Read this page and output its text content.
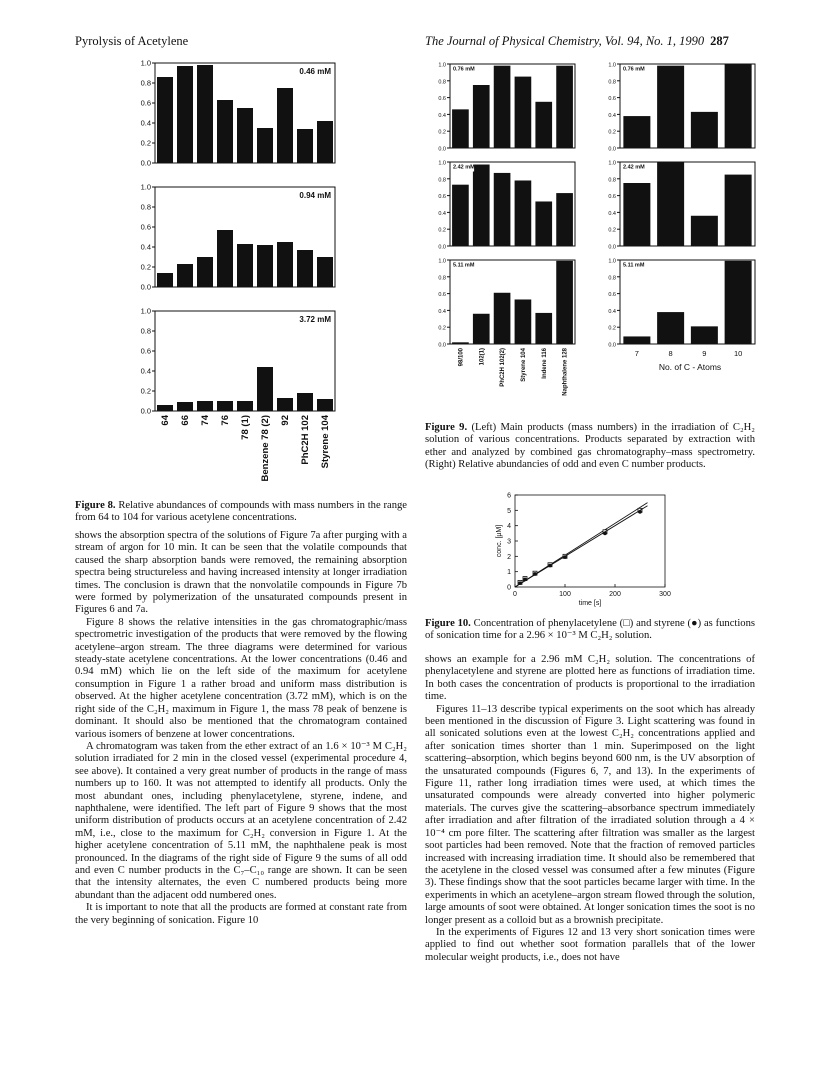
Pyrolysis of Acetylene	The Journal of Physical Chemistry, Vol. 94, No. 1, 1990 287
0.0
0.2
0.4
0.6
0.8
1.0
0.46 mM
0.0
0.2
0.4
0.6
0.8
1.0
0.94 mM
0.0
0.2
0.4
0.6
0.8
1.0
3.72 mM
64 66 74 76 78 (1) Benzene 78 (2) 92 PhC2H 102 Styrene 104
Figure 8. Relative abundances of compounds with mass numbers in the range from 64 to 104 for various acetylene concentrations.

shows the absorption spectra of the solutions of Figure 7a after purging with a stream of argon for 10 min. It can be seen that the volatile compounds that caused the sharp absorption bands were removed, the remaining absorption spectra being structureless and having increased intensity at longer irradiation times. The conclusion is drawn that the nonvolatile compounds in Figure 7b were formed by polymerization of the unsaturated compounds present in Figures 6 and 7a.

Figure 8 shows the relative intensities in the gas chromatographic/mass spectrometric investigation of the products that were removed by the flowing acetylene–argon stream. The three diagrams were determined for various steady-state acetylene concentrations. At the lower concentrations (0.46 and 0.94 mM) which lie on the left side of the maximum for acetylene consumption in Figure 1 a rather broad and uniform mass distribution is observed. At the higher acetylene concentration (3.72 mM), which is on the right side of the C₂H₂ maximum in Figure 1, the mass 78 peak of benzene is dominant. It should also be mentioned that the chromatogram contained various isomers of benzene at lower concentrations.

A chromatogram was taken from the ether extract of an 1.6 × 10⁻³ M C₂H₂ solution irradiated for 2 min in the closed vessel (experimental procedure 4, see above). It contained a very great number of products in the range of mass numbers up to 160. It was not attempted to identify all products. Only the most abundant ones, including phenylacetylene, styrene, indene, and naphthalene, were identified. The left part of Figure 9 shows that the most uniform distribution of products occurs at an acetylene concentration of 2.42 mM, i.e., close to the maximum for C₂H₂ conversion in Figure 1. At the higher acetylene concentration of 5.11 mM, the naphthalene peak is most pronounced. In the diagrams of the right side of Figure 9 the sums of all odd and even C number products in the C₇–C₁₀ range are shown. It can be seen that the intensity alternates, the even C numbered products being more abundant than the adjacent odd numbered ones.

It is important to note that all the products are formed at constant rate from the very beginning of sonication. Figure 10

0.0
0.2
0.4
0.6
0.8
1.0
0.76 mM
0.0
0.2
0.4
0.6
0.8
1.0
2.42 mM
0.0
0.2
0.4
0.6
0.8
1.0
5.11 mM
0.0
0.2
0.4
0.6
0.8
1.0
0.76 mM
0.0
0.2
0.4
0.6
0.8
1.0
2.42 mM
0.0
0.2
0.4
0.6
0.8
1.0
5.11 mM
98/100 102(1) PhC2H 102(2) Styrene 104 Indene 116 Naphthalene 128	7	8	9	10
No. of C - Atoms
Figure 9. (Left) Main products (mass numbers) in the irradiation of C₂H₂ solution of various concentrations. Products separated by extraction with ether and analyzed by combined gas chromatography–mass spectrometry. (Right) Relative abundancies of odd and even C number products.
0
1
2
3
4
5
6
0	100	200	300
time [s]
conc. [µM]
Figure 10. Concentration of phenylacetylene (□) and styrene (●) as functions of sonication time for a 2.96 × 10⁻³ M C₂H₂ solution.

shows an example for a 2.96 mM C₂H₂ solution. The concentrations of phenylacetylene and styrene are plotted here as functions of irradiation time. In both cases the concentration of products is proportional to the irradiation time.

Figures 11–13 describe typical experiments on the soot which has already been mentioned in the discussion of Figure 3. Light scattering was found in all sonicated solutions even at the lowest C₂H₂ concentrations applied and after sonication times shorter than 1 min. Superimposed on the light scattering–absorption, which begins beyond 600 nm, is the UV absorption of the unsaturated compounds (Figures 6, 7, and 13). In the experiments of Figure 11, rather long irradiation times were used, at which times the unsaturated compounds were already converted into higher polymeric materials. The curves give the scattering–absorbance spectrum immediately after irradiation and after filtration of the irradiated solution through a 4 × 10⁻⁴ cm pore filter. The scattering after filtration was smaller as the largest soot particles had been removed. Note that the fraction of removed particles increased with increasing irradiation time. It should also be remembered that the acetylene in the closed vessel was consumed after a few minutes (Figure 3). These findings show that the soot particles became larger with time. In the experiments in which an acetylene–argon stream flowed through the solution, large amounts of soot were obtained. At longer sonication times the soot is no longer present as a colloid but as a brownish precipitate.

In the experiments of Figures 12 and 13 very short sonication times were applied to find out whether soot formation parallels that of the lower molecular weight products, i.e., does not have
